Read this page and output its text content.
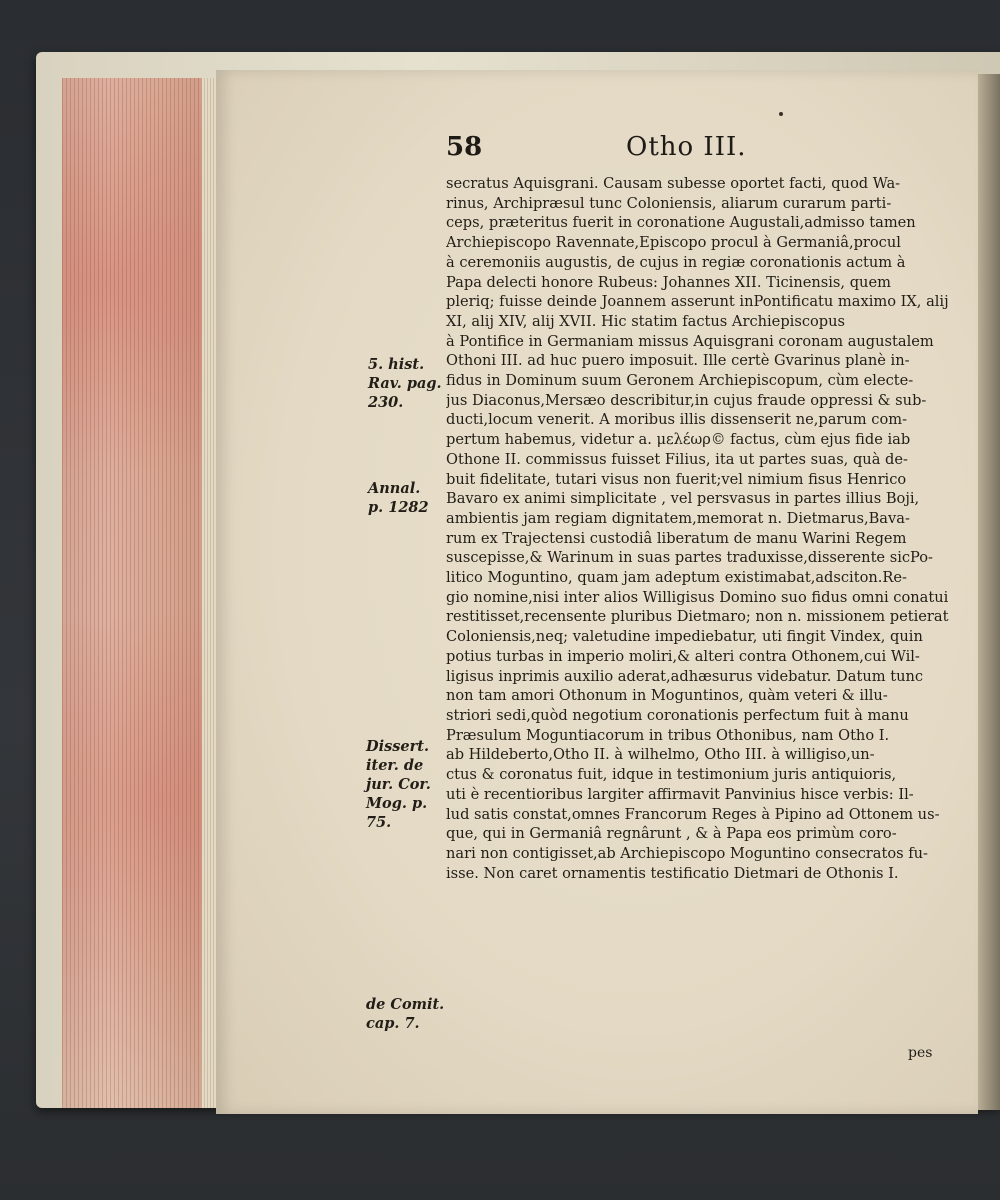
58	Otho III.
secratus Aquisgrani. Causam subesse oportet facti, quod Wa-
rinus, Archipræsul tunc Coloniensis, aliarum curarum parti-
ceps, præteritus fuerit in coronatione Augustali,admisso tamen
Archiepiscopo Ravennate,Episcopo procul à Germaniâ,procul
à ceremoniis augustis, de cujus in regiæ coronationis actum à
Papa delecti honore Rubeus: Johannes XII. Ticinensis, quem
pleriq; fuisse deinde Joannem asserunt inPontificatu maximo IX, alij
XI, alij XIV, alij XVII. Hic statim factus Archiepiscopus
à Pontifice in Germaniam missus Aquisgrani coronam augustalem
Othoni III. ad huc puero imposuit. Ille certè Gvarinus planè in-
fidus in Dominum suum Geronem Archiepiscopum, cùm electe-
jus Diaconus,Mersæo describitur,in cujus fraude oppressi & sub-
ducti,locum venerit. A moribus illis dissenserit ne,parum com-
pertum habemus, videtur a. μελέωρ© factus, cùm ejus fide iab
Othone II. commissus fuisset Filius, ita ut partes suas, quà de-
buit fidelitate, tutari visus non fuerit;vel nimium fisus Henrico
Bavaro ex animi simplicitate , vel persvasus in partes illius Boji,
ambientis jam regiam dignitatem,memorat n. Dietmarus,Bava-
rum ex Trajectensi custodiâ liberatum de manu Warini Regem
suscepisse,& Warinum in suas partes traduxisse,disserente sicPo-
litico Moguntino, quam jam adeptum existimabat,adsciton.Re-
gio nomine,nisi inter alios Willigisus Domino suo fidus omni conatui
restitisset,recensente pluribus Dietmaro; non n. missionem petierat
Coloniensis,neq; valetudine impediebatur, uti fingit Vindex, quin
potius turbas in imperio moliri,& alteri contra Othonem,cui Wil-
ligisus inprimis auxilio aderat,adhæsurus videbatur. Datum tunc
non tam amori Othonum in Moguntinos, quàm veteri & illu-
striori sedi,quòd negotium coronationis perfectum fuit à manu
Præsulum Moguntiacorum in tribus Othonibus, nam Otho I.
ab Hildeberto,Otho II. à wilhelmo, Otho III. à willigiso,un-
ctus & coronatus fuit, idque in testimonium juris antiquioris,
uti è recentioribus largiter affirmavit Panvinius hisce verbis: Il-
lud satis constat,omnes Francorum Reges à Pipino ad Ottonem us-
que, qui in Germaniâ regnârunt , & à Papa eos primùm coro-
nari non contigisset,ab Archiepiscopo Moguntino consecratos fu-
isse. Non caret ornamentis testificatio Dietmari de Othonis I.
5. hist.
Rav. pag.
230.
Annal.
p. 1282
Dissert.
iter. de
jur. Cor.
Mog. p.
75.
de Comit.
cap. 7.
pes
